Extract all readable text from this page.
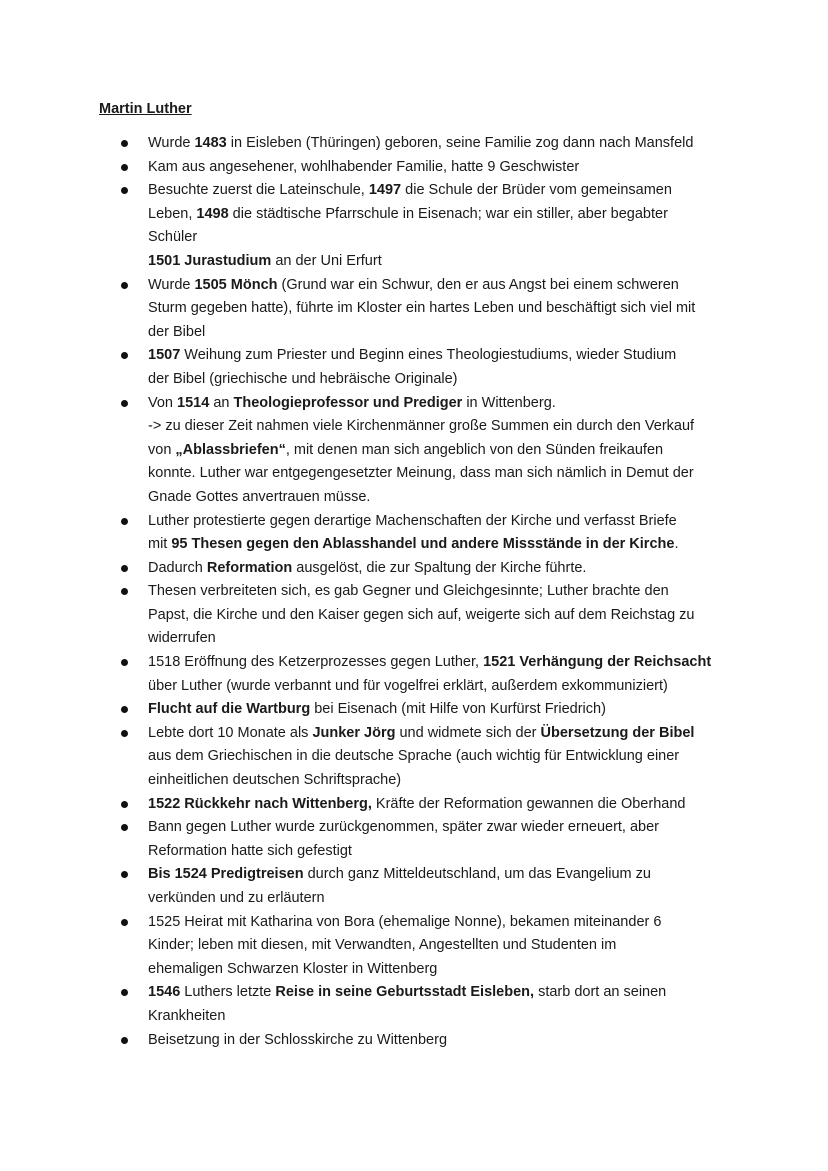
Martin Luther
Wurde 1483 in Eisleben (Thüringen) geboren, seine Familie zog dann nach Mansfeld
Kam aus angesehener, wohlhabender Familie, hatte 9 Geschwister
Besuchte zuerst die Lateinschule, 1497 die Schule der Brüder vom gemeinsamen
Leben, 1498 die städtische Pfarrschule in Eisenach; war ein stiller, aber begabter
Schüler
1501 Jurastudium an der Uni Erfurt
Wurde 1505 Mönch (Grund war ein Schwur, den er aus Angst bei einem schweren
Sturm gegeben hatte), führte im Kloster ein hartes Leben und beschäftigt sich viel mit
der Bibel
1507 Weihung zum Priester und Beginn eines Theologiestudiums, wieder Studium
der Bibel (griechische und hebräische Originale)
Von 1514 an Theologieprofessor und Prediger in Wittenberg.
-> zu dieser Zeit nahmen viele Kirchenmänner große Summen ein durch den Verkauf
von „Ablassbriefen“, mit denen man sich angeblich von den Sünden freikaufen
konnte. Luther war entgegengesetzter Meinung, dass man sich nämlich in Demut der
Gnade Gottes anvertrauen müsse.
Luther protestierte gegen derartige Machenschaften der Kirche und verfasst Briefe
mit 95 Thesen gegen den Ablasshandel und andere Missstände in der Kirche.
Dadurch Reformation ausgelöst, die zur Spaltung der Kirche führte.
Thesen verbreiteten sich, es gab Gegner und Gleichgesinnte; Luther brachte den
Papst, die Kirche und den Kaiser gegen sich auf, weigerte sich auf dem Reichstag zu
widerrufen
1518 Eröffnung des Ketzerprozesses gegen Luther, 1521 Verhängung der Reichsacht
über Luther (wurde verbannt und für vogelfrei erklärt, außerdem exkommuniziert)
Flucht auf die Wartburg bei Eisenach (mit Hilfe von Kurfürst Friedrich)
Lebte dort 10 Monate als Junker Jörg und widmete sich der Übersetzung der Bibel
aus dem Griechischen in die deutsche Sprache (auch wichtig für Entwicklung einer
einheitlichen deutschen Schriftsprache)
1522 Rückkehr nach Wittenberg, Kräfte der Reformation gewannen die Oberhand
Bann gegen Luther wurde zurückgenommen, später zwar wieder erneuert, aber
Reformation hatte sich gefestigt
Bis 1524 Predigtreisen durch ganz Mitteldeutschland, um das Evangelium zu
verkünden und zu erläutern
1525 Heirat mit Katharina von Bora (ehemalige Nonne), bekamen miteinander 6
Kinder; leben mit diesen, mit Verwandten, Angestellten und Studenten im
ehemaligen Schwarzen Kloster in Wittenberg
1546 Luthers letzte Reise in seine Geburtsstadt Eisleben, starb dort an seinen
Krankheiten
Beisetzung in der Schlosskirche zu Wittenberg
